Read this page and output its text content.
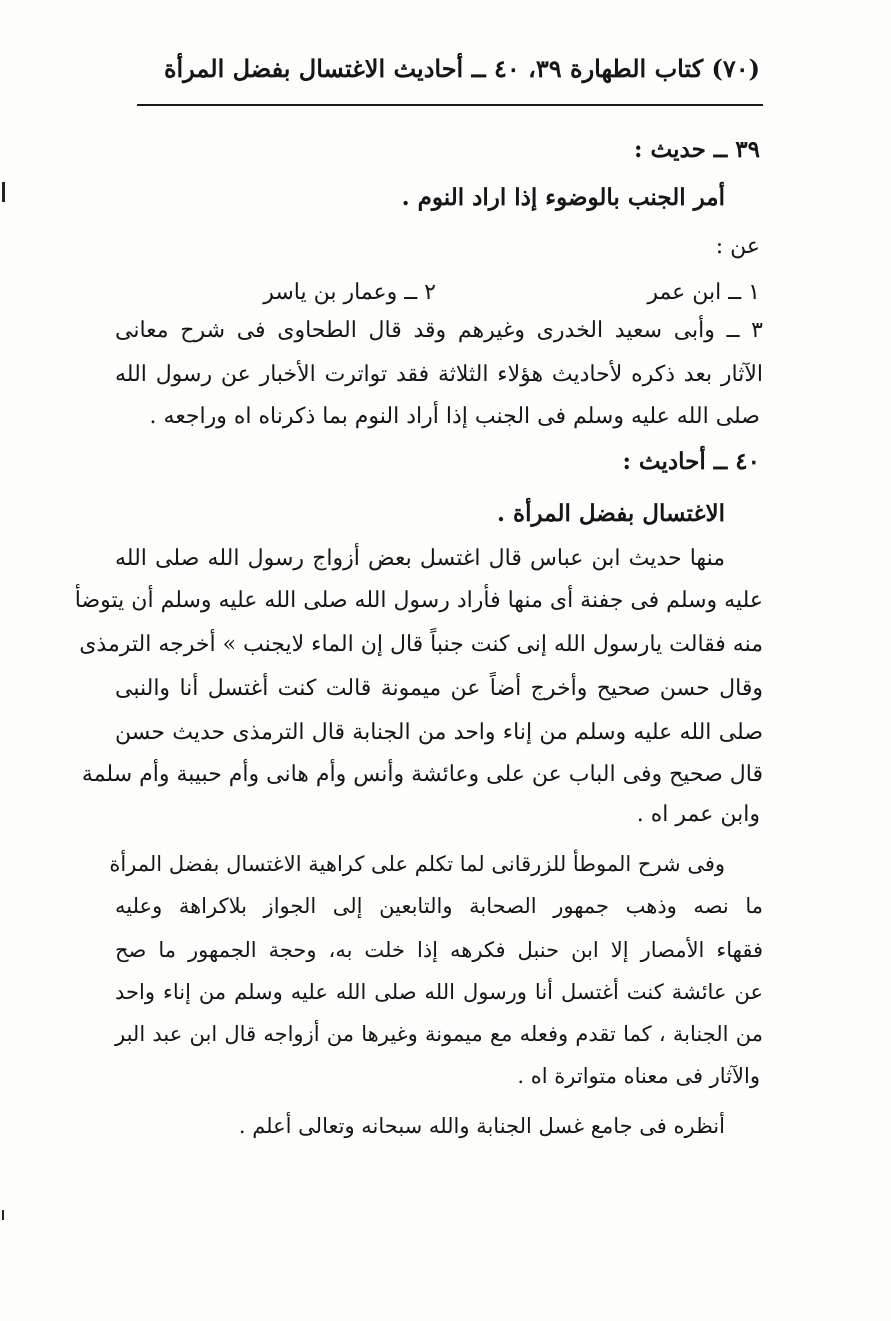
(٧٠) كتاب الطهارة ٣٩، ٤٠ ــ أحاديث الاغتسال بفضل المرأة
٣٩ ــ حديث :
أمر الجنب بالوضوء إذا اراد النوم .
عن :
١ ــ ابن عمر
٢ ــ وعمار بن ياسر
٣ ــ وأبى سعيد الخدرى وغيرهم وقد قال الطحاوى فى شرح معانى
الآثار بعد ذكره لأحاديث هؤلاء الثلاثة فقد تواترت الأخبار عن رسول الله
صلى الله عليه وسلم فى الجنب إذا أراد النوم بما ذكرناه اه وراجعه .
٤٠ ــ أحاديث :
الاغتسال بفضل المرأة .
منها حديث ابن عباس قال اغتسل بعض أزواج رسول الله صلى الله
عليه وسلم فى جفنة أى منها فأراد رسول الله صلى الله عليه وسلم أن يتوضأ
منه فقالت يارسول الله إنى كنت جنباً قال إن الماء لايجنب » أخرجه الترمذى
وقال حسن صحيح وأخرج أضاً عن ميمونة قالت كنت أغتسل أنا والنبى
صلى الله عليه وسلم من إناء واحد من الجنابة قال الترمذى حديث حسن
قال صحيح وفى الباب عن على وعائشة وأنس وأم هانى وأم حبيبة وأم سلمة
وابن عمر اه .
وفى شرح الموطأ للزرقانى لما تكلم على كراهية الاغتسال بفضل المرأة
ما نصه وذهب جمهور الصحابة والتابعين إلى الجواز بلاكراهة وعليه
فقهاء الأمصار إلا ابن حنبل فكرهه إذا خلت به، وحجة الجمهور ما صح
عن عائشة كنت أغتسل أنا ورسول الله صلى الله عليه وسلم من إناء واحد
من الجنابة ، كما تقدم وفعله مع ميمونة وغيرها من أزواجه قال ابن عبد البر
والآثار فى معناه متواترة اه .
أنظره فى جامع غسل الجنابة والله سبحانه وتعالى أعلم .
